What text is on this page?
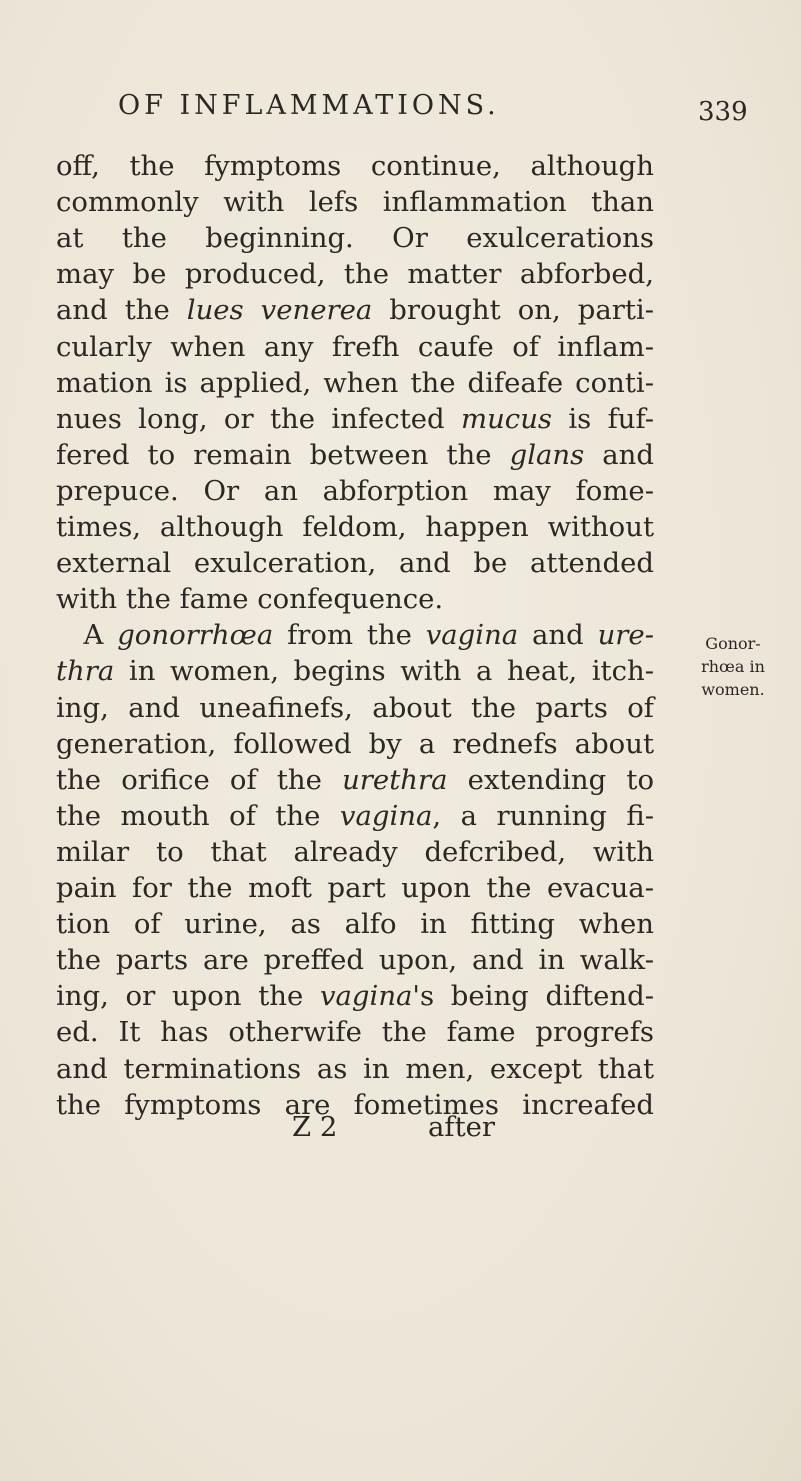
OF INFLAMMATIONS.	339
off, the fymptoms continue, although
commonly with lefs inflammation than
at the beginning. Or exulcerations
may be produced, the matter abforbed,
and the lues venerea brought on, parti-
cularly when any frefh caufe of inflam-
mation is applied, when the difeafe conti-
nues long, or the infected mucus is fuf-
fered to remain between the glans and
prepuce. Or an abforption may fome-
times, although feldom, happen without
external exulceration, and be attended
with the fame confequence.
 A gonorrhœa from the vagina and ure-
thra in women, begins with a heat, itch-
ing, and uneafinefs, about the parts of
generation, followed by a rednefs about
the orifice of the urethra extending to
the mouth of the vagina, a running fi-
milar to that already defcribed, with
pain for the moft part upon the evacua-
tion of urine, as alfo in fitting when
the parts are preffed upon, and in walk-
ing, or upon the vagina's being diftend-
ed. It has otherwife the fame progrefs
and terminations as in men, except that
the fymptoms are fometimes increafed
Gonor-
rhœa in
women.
Z 2	after
